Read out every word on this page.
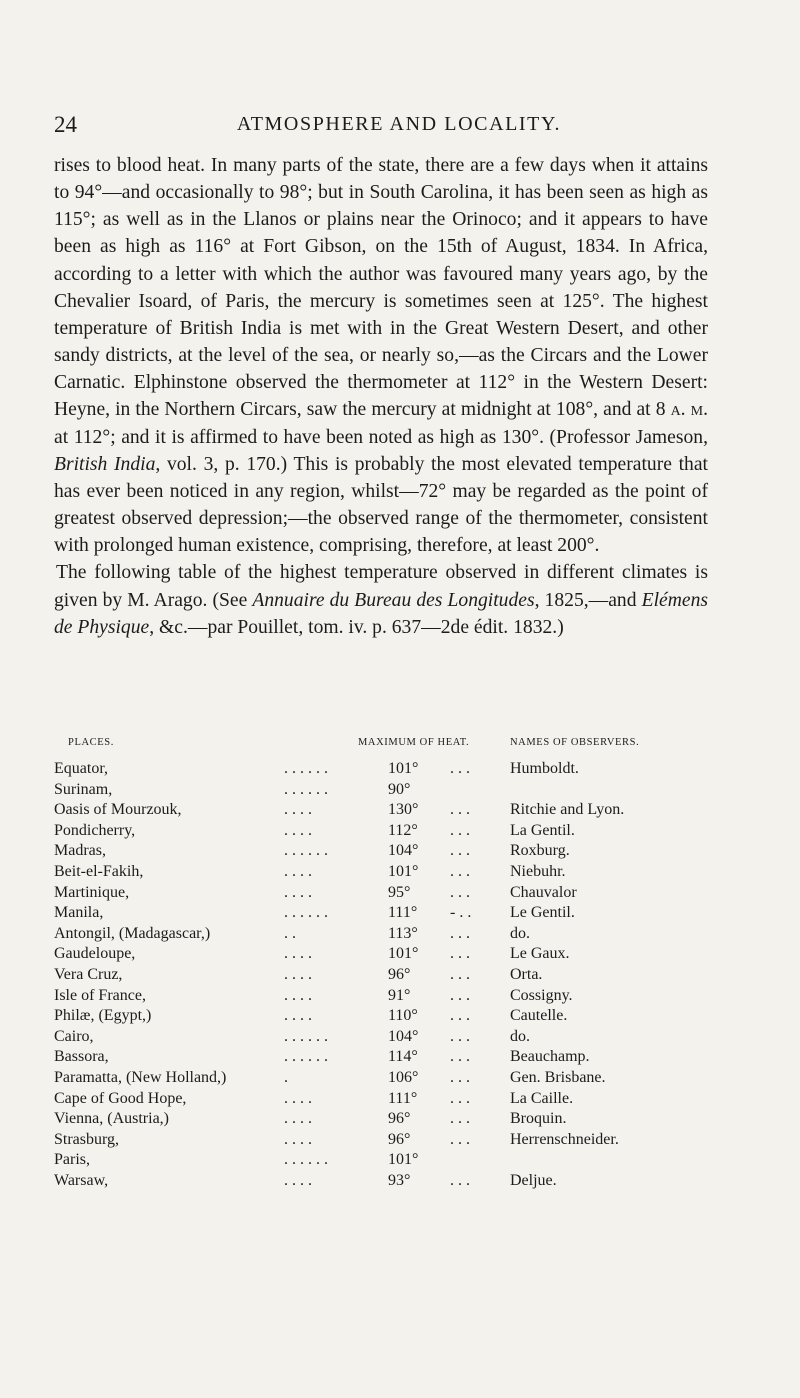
24	ATMOSPHERE AND LOCALITY.

rises to blood heat. In many parts of the state, there are a few days when it attains to 94°—and occasionally to 98°; but in South Carolina, it has been seen as high as 115°; as well as in the Llanos or plains near the Orinoco; and it appears to have been as high as 116° at Fort Gibson, on the 15th of August, 1834. In Africa, according to a letter with which the author was favoured many years ago, by the Chevalier Isoard, of Paris, the mercury is sometimes seen at 125°. The highest temperature of British India is met with in the Great Western Desert, and other sandy districts, at the level of the sea, or nearly so,—as the Circars and the Lower Carnatic. Elphinstone observed the thermometer at 112° in the Western Desert: Heyne, in the Northern Circars, saw the mercury at midnight at 108°, and at 8 a. m. at 112°; and it is affirmed to have been noted as high as 130°. (Professor Jameson, British India, vol. 3, p. 170.) This is probably the most elevated temperature that has ever been noticed in any region, whilst—72° may be regarded as the point of greatest observed depression;—the observed range of the thermometer, consistent with prolonged human existence, comprising, therefore, at least 200°.

The following table of the highest temperature observed in different climates is given by M. Arago. (See Annuaire du Bureau des Longitudes, 1825,—and Elémens de Physique, &c.—par Pouillet, tom. iv. p. 637—2de édit. 1832.)

PLACES.	MAXIMUM OF HEAT.	NAMES OF OBSERVERS.
Equator,	. . . . . .	101° . . .	Humboldt.
Surinam,	. . . . . .	90°
Oasis of Mourzouk,	. . . .	130° . . .	Ritchie and Lyon.
Pondicherry,	. . . .	112° . . .	La Gentil.
Madras,	. . . . . .	104° . . .	Roxburg.
Beit-el-Fakih,	. . . .	101° . . .	Niebuhr.
Martinique,	. . . .	95° . . .	Chauvalor
Manila,	. . . . . .	111° - . . Le Gentil.
Antongil, (Madagascar,)	. .	113° . . .	do.
Gaudeloupe,	. . . .	101° . . .	Le Gaux.
Vera Cruz,	. . . .	96° . . .	Orta.
Isle of France,	. . . .	91° . . .	Cossigny.
Philæ, (Egypt,)	. . . .	110° . . .	Cautelle.
Cairo,	. . . . . .	104° . . .	do.
Bassora,	. . . . . .	114° . . .	Beauchamp.
Paramatta, (New Holland,)	.	106° . . .	Gen. Brisbane.
Cape of Good Hope,	. . . .	111° . . .	La Caille.
Vienna, (Austria,)	. . . .	96° . . .	Broquin.
Strasburg,	. . . .	96° . . .	Herrenschneider.
Paris,	. . . . . .	101°
Warsaw,	. . . .	93° . . .	Deljue.
